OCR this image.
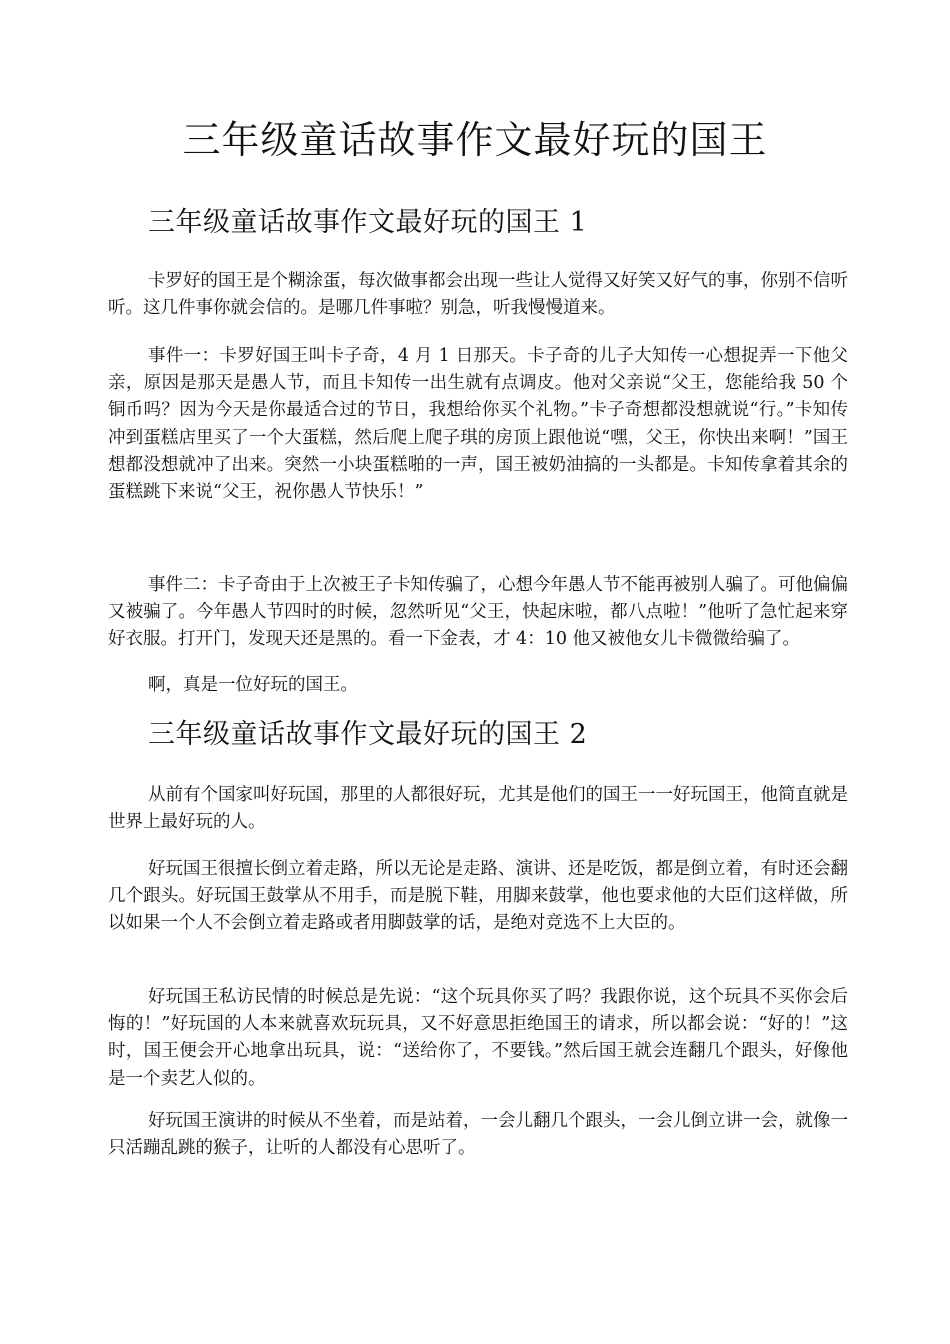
三年级童话故事作文最好玩的国王
三年级童话故事作文最好玩的国王 1

卡罗好的国王是个糊涂蛋，每次做事都会出现一些让人觉得又好笑又好气的事，你别不信听听。这几件事你就会信的。是哪几件事啦？别急，听我慢慢道来。

事件一：卡罗好国王叫卡子奇，4 月 1 日那天。卡子奇的儿子大知传一心想捉弄一下他父亲，原因是那天是愚人节，而且卡知传一出生就有点调皮。他对父亲说“父王，您能给我 50 个铜币吗？因为今天是你最适合过的节日，我想给你买个礼物。”卡子奇想都没想就说“行。”卡知传冲到蛋糕店里买了一个大蛋糕，然后爬上爬子琪的房顶上跟他说“嘿，父王，你快出来啊！”国王想都没想就冲了出来。突然一小块蛋糕啪的一声，国王被奶油搞的一头都是。卡知传拿着其余的蛋糕跳下来说“父王，祝你愚人节快乐！”

事件二：卡子奇由于上次被王子卡知传骗了，心想今年愚人节不能再被别人骗了。可他偏偏又被骗了。今年愚人节四时的时候，忽然听见“父王，快起床啦，都八点啦！”他听了急忙起来穿好衣服。打开门，发现天还是黑的。看一下金表，才 4：10 他又被他女儿卡微微给骗了。

啊，真是一位好玩的国王。

三年级童话故事作文最好玩的国王 2

从前有个国家叫好玩国，那里的人都很好玩，尤其是他们的国王一一好玩国王，他简直就是世界上最好玩的人。

好玩国王很擅长倒立着走路，所以无论是走路、演讲、还是吃饭，都是倒立着，有时还会翻几个跟头。好玩国王鼓掌从不用手，而是脱下鞋，用脚来鼓掌，他也要求他的大臣们这样做，所以如果一个人不会倒立着走路或者用脚鼓掌的话，是绝对竞选不上大臣的。

好玩国王私访民情的时候总是先说：“这个玩具你买了吗？我跟你说，这个玩具不买你会后悔的！”好玩国的人本来就喜欢玩玩具，又不好意思拒绝国王的请求，所以都会说：“好的！”这时，国王便会开心地拿出玩具，说：“送给你了，不要钱。”然后国王就会连翻几个跟头，好像他是一个卖艺人似的。

好玩国王演讲的时候从不坐着，而是站着，一会儿翻几个跟头，一会儿倒立讲一会，就像一只活蹦乱跳的猴子，让听的人都没有心思听了。
